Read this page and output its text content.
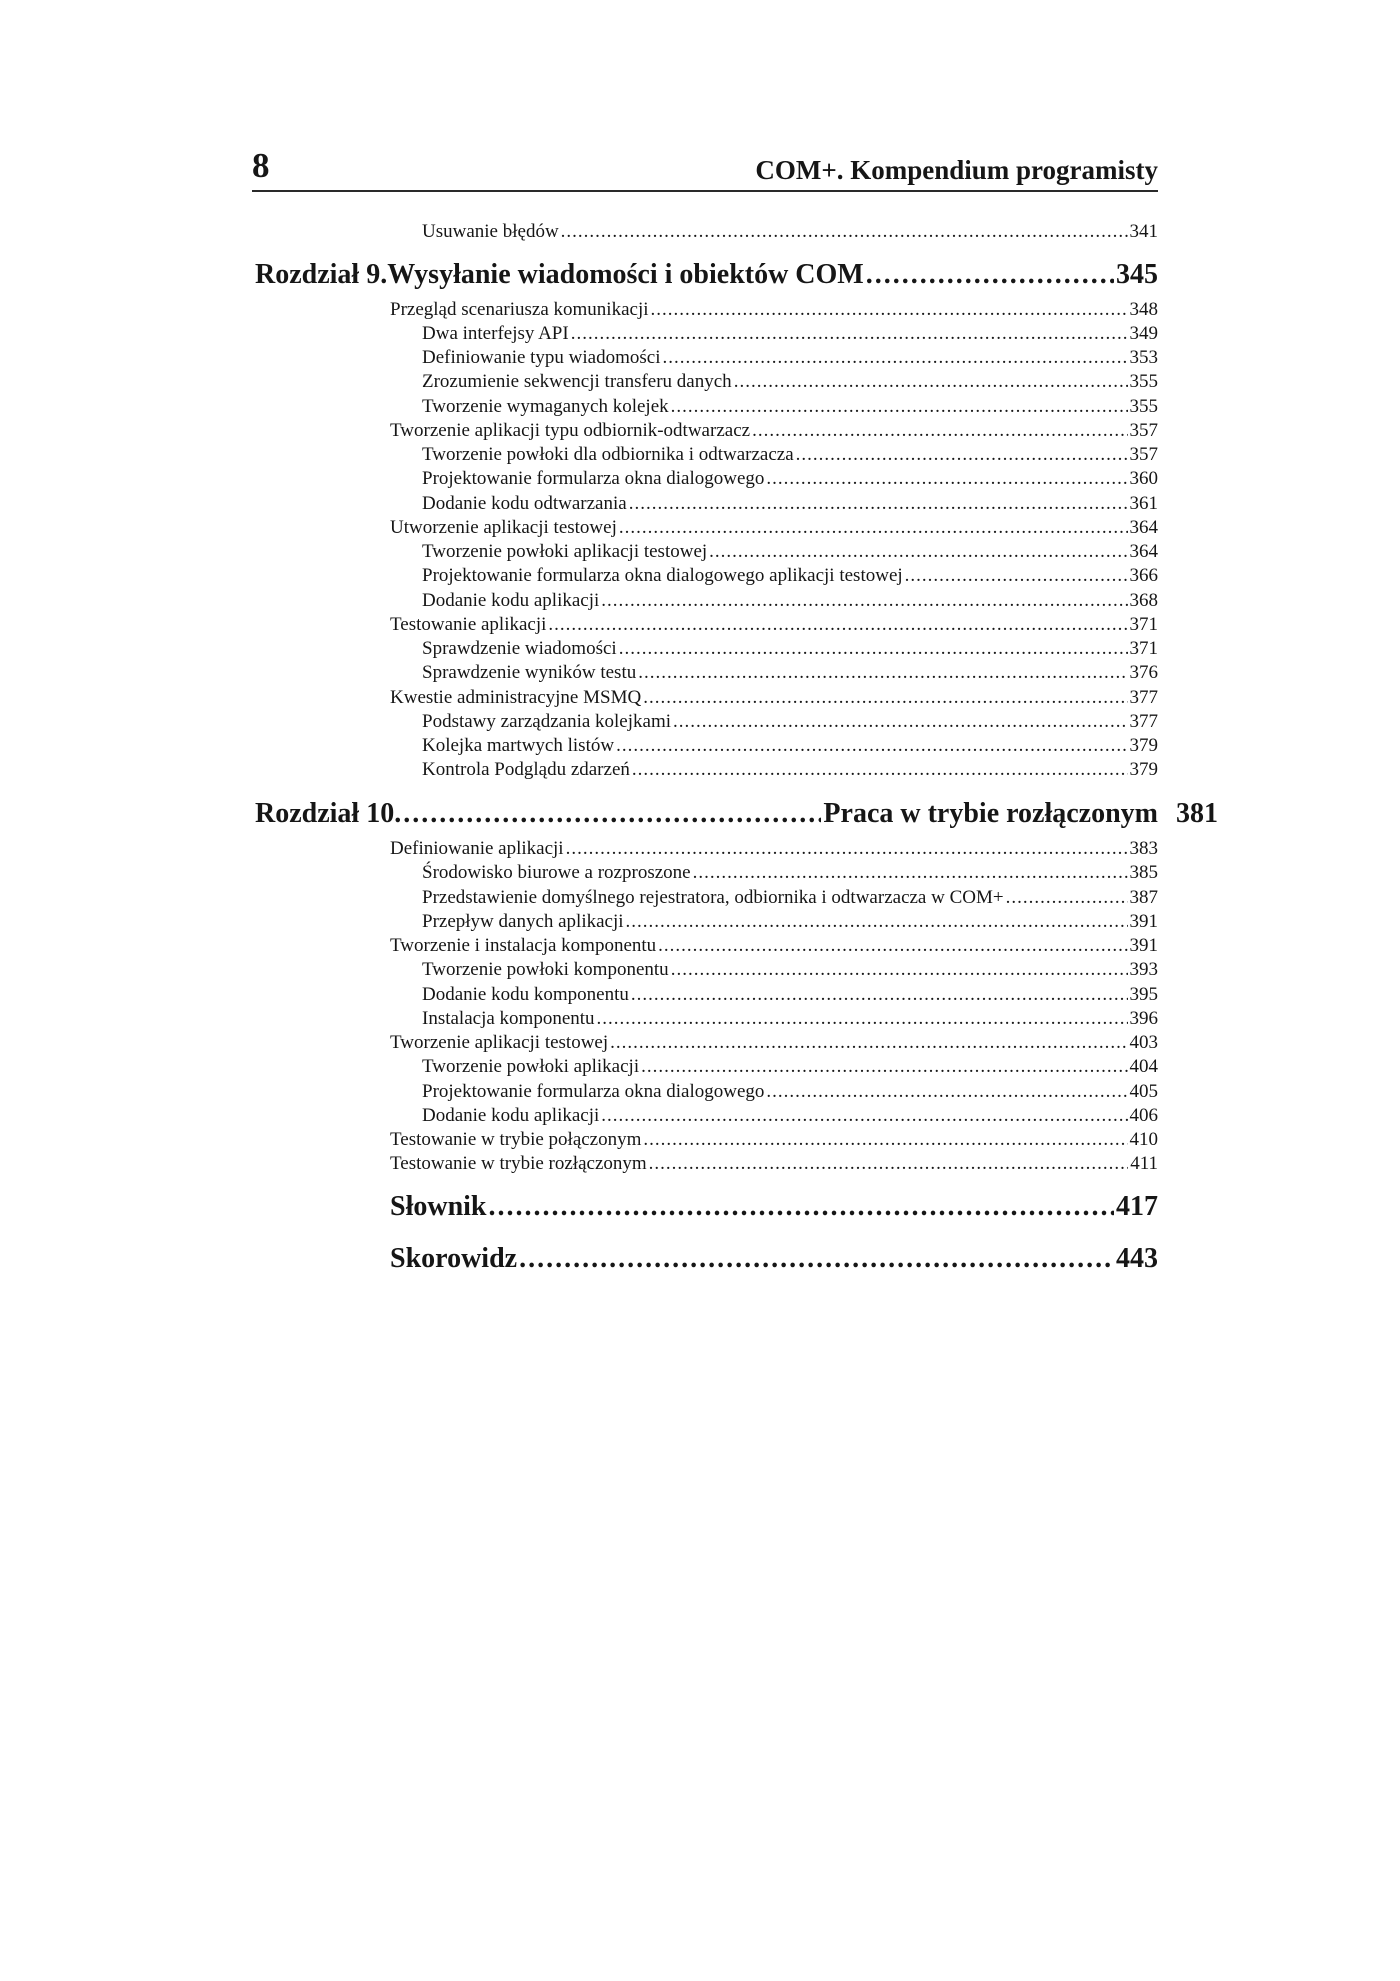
8	COM+. Kompendium programisty
Usuwanie błędów .....	341
Rozdział 9. Wysyłanie wiadomości i obiektów COM .....	345
Przegląd scenariusza komunikacji .....	348
Dwa interfejsy API .....	349
Definiowanie typu wiadomości .....	353
Zrozumienie sekwencji transferu danych .....	355
Tworzenie wymaganych kolejek .....	355
Tworzenie aplikacji typu odbiornik-odtwarzacz .....	357
Tworzenie powłoki dla odbiornika i odtwarzacza .....	357
Projektowanie formularza okna dialogowego .....	360
Dodanie kodu odtwarzania .....	361
Utworzenie aplikacji testowej .....	364
Tworzenie powłoki aplikacji testowej .....	364
Projektowanie formularza okna dialogowego aplikacji testowej .....	366
Dodanie kodu aplikacji .....	368
Testowanie aplikacji .....	371
Sprawdzenie wiadomości .....	371
Sprawdzenie wyników testu .....	376
Kwestie administracyjne MSMQ .....	377
Podstawy zarządzania kolejkami .....	377
Kolejka martwych listów .....	379
Kontrola Podglądu zdarzeń .....	379
Rozdział 10. .....	Praca w trybie rozłączonym 381
Definiowanie aplikacji .....	383
Środowisko biurowe a rozproszone .....	385
Przedstawienie domyślnego rejestratora, odbiornika i odtwarzacza w COM+ .....	387
Przepływ danych aplikacji .....	391
Tworzenie i instalacja komponentu .....	391
Tworzenie powłoki komponentu .....	393
Dodanie kodu komponentu .....	395
Instalacja komponentu .....	396
Tworzenie aplikacji testowej .....	403
Tworzenie powłoki aplikacji .....	404
Projektowanie formularza okna dialogowego .....	405
Dodanie kodu aplikacji .....	406
Testowanie w trybie połączonym .....	410
Testowanie w trybie rozłączonym .....	411
Słownik .....	417
Skorowidz .....	443
